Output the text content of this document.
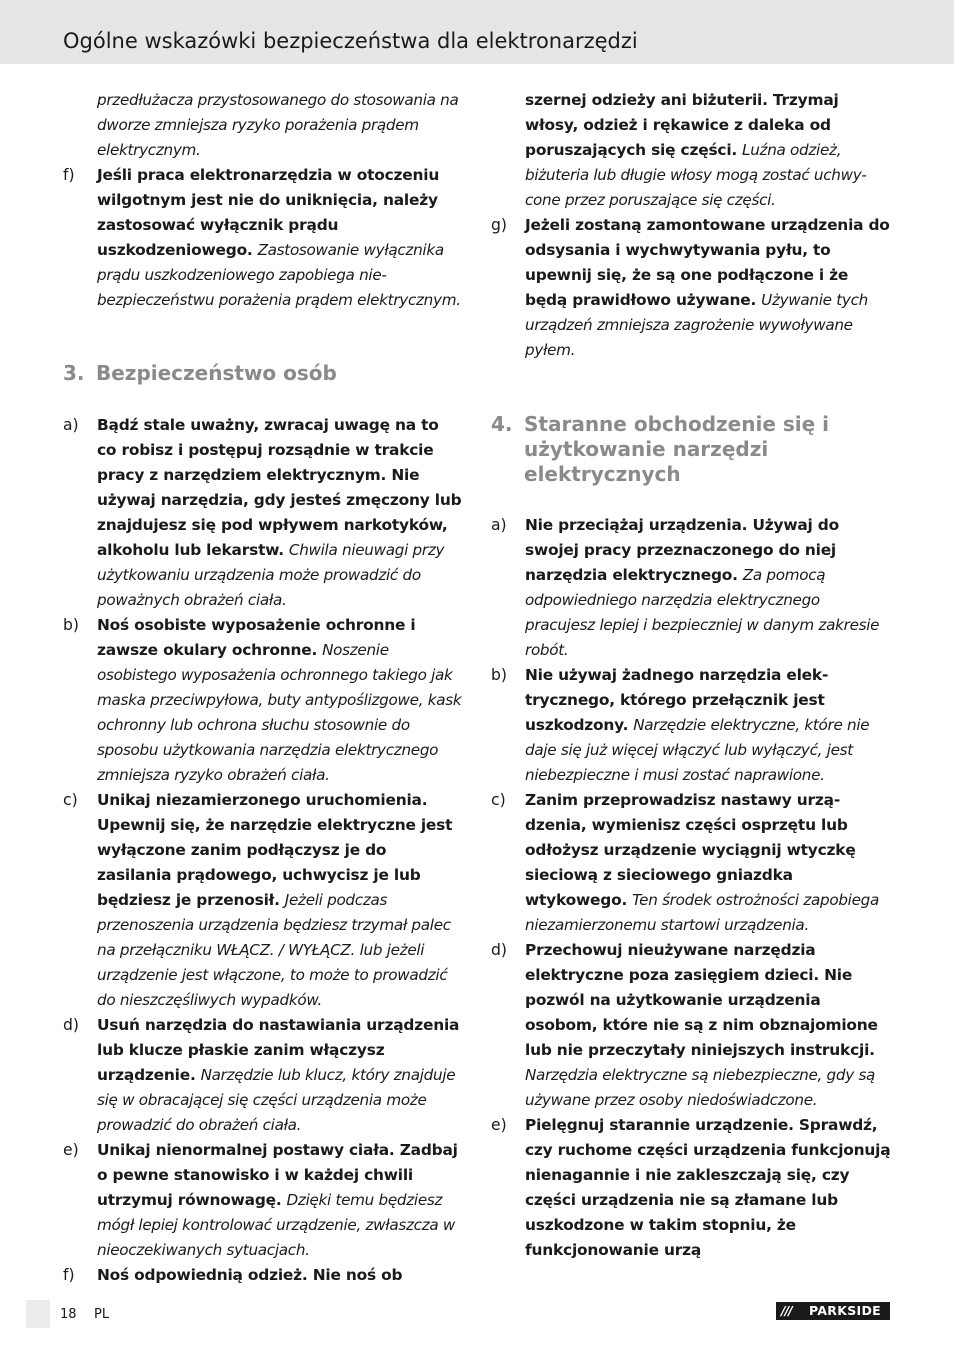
Ogólne wskazówki bezpieczeństwa dla elektronarzędzi
przedłużacza przystosowanego do stosowania na dworze zmniejsza ryzyko porażenia prądem elektrycznym.
f) Jeśli praca elektronarzędzia w otoczeniu wilgotnym jest nie do uniknięcia, należy zastosować wyłącznik prądu uszkodzeniowego. Zastosowanie wyłącznika prądu uszkodzeniowego zapobiega niebezpieczeństwu porażenia prądem elektrycznym.
3. Bezpieczeństwo osób
a) Bądź stale uważny, zwracaj uwagę na to co robisz i postępuj rozsądnie w trakcie pracy z narzędziem elektrycznym. Nie używaj narzędzia, gdy jesteś zmęczony lub znajdujesz się pod wpływem narkotyków, alkoholu lub lekarstw. Chwila nieuwagi przy użytkowaniu urządzenia może prowadzić do poważnych obrażeń ciała.
b) Noś osobiste wyposażenie ochronne i zawsze okulary ochronne. Noszenie osobistego wyposażenia ochronnego takiego jak maska przeciwpyłowa, buty antypoślizgowe, kask ochronny lub ochrona słuchu stosownie do sposobu użytkowania narzędzia elektrycznego zmniejsza ryzyko obrażeń ciała.
c) Unikaj niezamierzonego uruchomienia. Upewnij się, że narzędzie elektryczne jest wyłączone zanim podłączysz je do zasilania prądowego, uchwycisz je lub będziesz je przenosił. Jeżeli podczas przenoszenia urządzenia będziesz trzymał palec na przełączniku WŁĄCZ. / WYŁĄCZ. lub jeżeli urządzenie jest włączone, to może to prowadzić do nieszczęśliwych wypadków.
d) Usuń narzędzia do nastawiania urządzenia lub klucze płaskie zanim włączysz urządzenie. Narzędzie lub klucz, który znajduje się w obracającej się części urządzenia może prowadzić do obrażeń ciała.
e) Unikaj nienormalnej postawy ciała. Zadbaj o pewne stanowisko i w każdej chwili utrzymuj równowagę. Dzięki temu będziesz mógł lepiej kontrolować urządzenie, zwłaszcza w nieoczekiwanych sytuacjach.
f) Noś odpowiednią odzież. Nie noś ob
szernej odzieży ani biżuterii. Trzymaj włosy, odzież i rękawice z daleka od poruszających się części. Luźna odzież, biżuteria lub długie włosy mogą zostać uchwycone przez poruszające się części.
g) Jeżeli zostaną zamontowane urządzenia do odsysania i wychwytywania pyłu, to upewnij się, że są one podłączone i że będą prawidłowo używane. Używanie tych urządzeń zmniejsza zagrożenie wywoływane pyłem.
4. Staranne obchodzenie się i użytkowanie narzędzi elektrycznych
a) Nie przeciążaj urządzenia. Używaj do swojej pracy przeznaczonego do niej narzędzia elektrycznego. Za pomocą odpowiedniego narzędzia elektrycznego pracujesz lepiej i bezpieczniej w danym zakresie robót.
b) Nie używaj żadnego narzędzia elektrycznego, którego przełącznik jest uszkodzony. Narzędzie elektryczne, które nie daje się już więcej włączyć lub wyłączyć, jest niebezpieczne i musi zostać naprawione.
c) Zanim przeprowadzisz nastawy urządzenia, wymienisz części osprzętu lub odłożysz urządzenie wyciągnij wtyczkę sieciową z sieciowego gniazdka wtykowego. Ten środek ostrożności zapobiega niezamierzonemu startowi urządzenia.
d) Przechowuj nieużywane narzędzia elektryczne poza zasięgiem dzieci. Nie pozwól na użytkowanie urządzenia osobom, które nie są z nim obznajomione lub nie przeczytały niniejszych instrukcji. Narzędzia elektryczne są niebezpieczne, gdy są używane przez osoby niedoświadczone.
e) Pielęgnuj starannie urządzenie. Sprawdź, czy ruchome części urządzenia funkcjonują nienagannie i nie zakleszczają się, czy części urządzenia nie są złamane lub uszkodzone w takim stopniu, że funkcjonowanie urzą
18 PL	/// PARKSIDE
